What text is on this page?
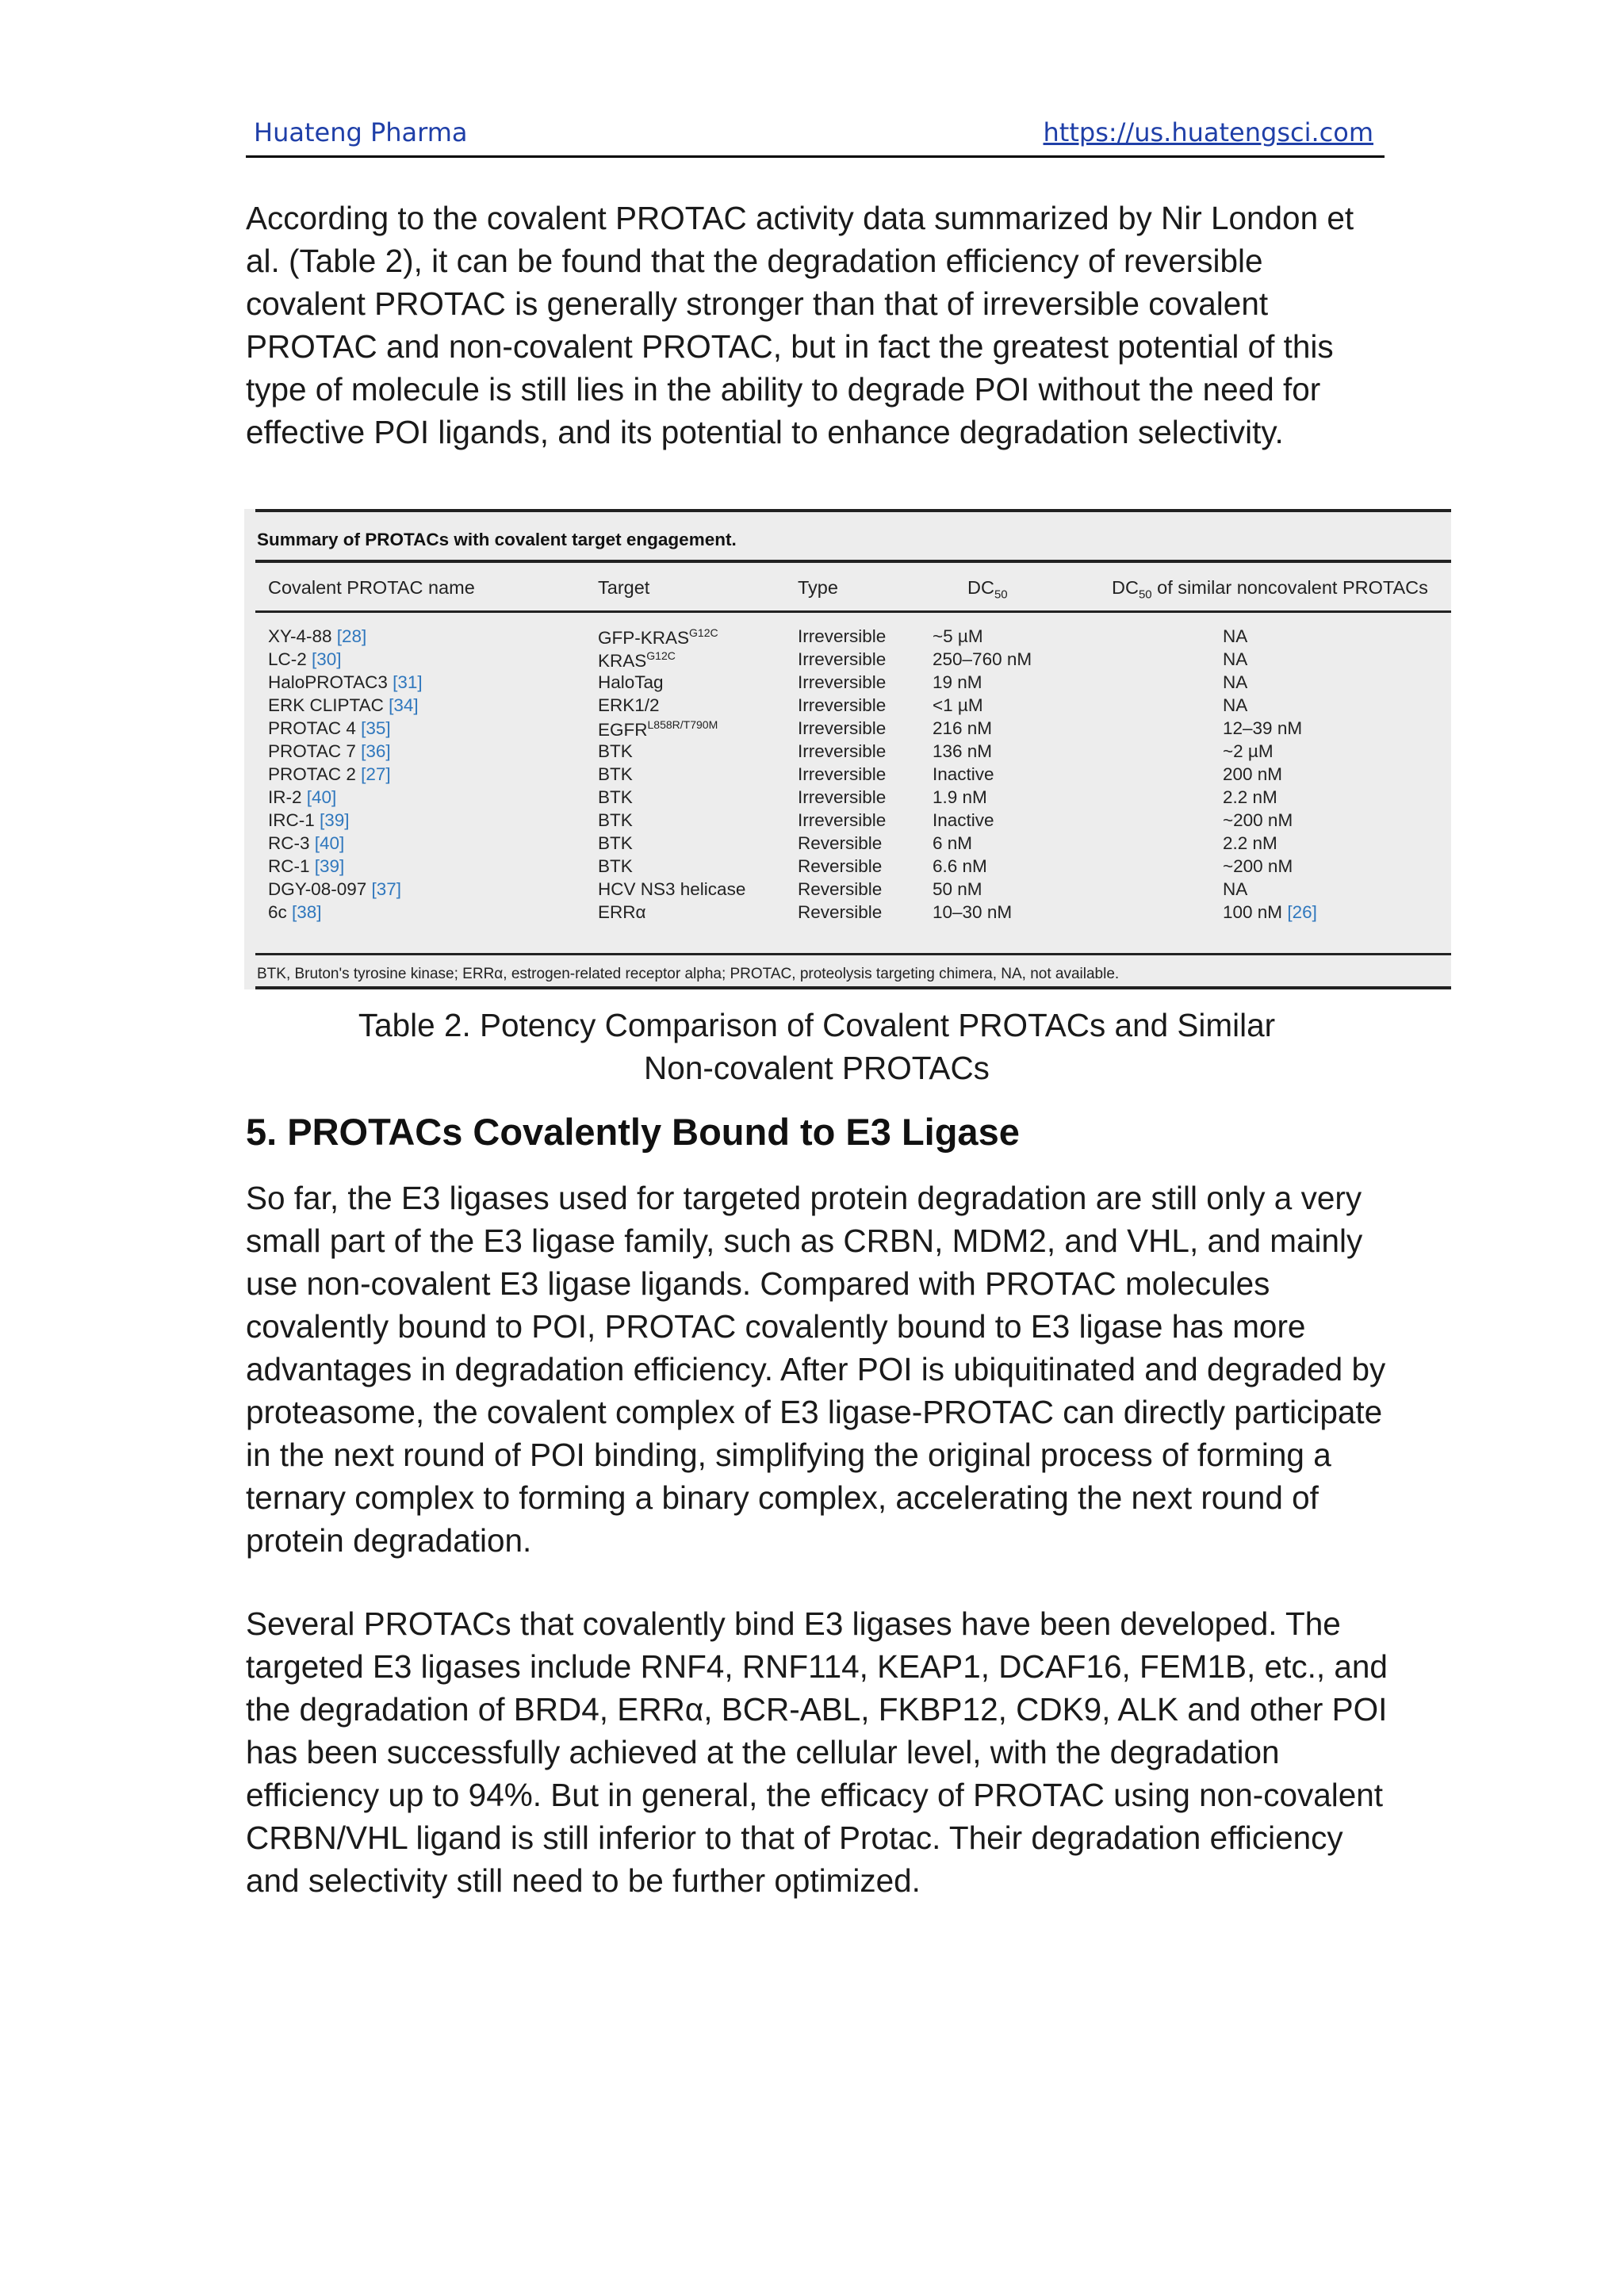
Huateng Pharma	https://us.huatengsci.com
According to the covalent PROTAC activity data summarized by Nir London et al. (Table 2), it can be found that the degradation efficiency of reversible covalent PROTAC is generally stronger than that of irreversible covalent PROTAC and non-covalent PROTAC, but in fact the greatest potential of this type of molecule is still lies in the ability to degrade POI without the need for effective POI ligands, and its potential to enhance degradation selectivity.
Summary of PROTACs with covalent target engagement.
Covalent PROTAC name	Target	Type	$DC_{50}$	$DC_{50}$ of similar noncovalent PROTACs
XY-4-88 [28]	GFP-$KRAS^{G12C}$	Irreversible	~5 µM	NA
LC-2 [30]	$KRAS^{G12C}$	Irreversible	250–760 nM	NA
HaloPROTAC3 [31]	HaloTag	Irreversible	19 nM	NA
ERK CLIPTAC [34]	ERK1/2	Irreversible	<1 µM	NA
PROTAC 4 [35]	$EGFR^{L858R/T790M}$	Irreversible	216 nM	12–39 nM
PROTAC 7 [36]	BTK	Irreversible	136 nM	~2 µM
PROTAC 2 [27]	BTK	Irreversible	Inactive	200 nM
IR-2 [40]	BTK	Irreversible	1.9 nM	2.2 nM
IRC-1 [39]	BTK	Irreversible	Inactive	~200 nM
RC-3 [40]	BTK	Reversible	6 nM	2.2 nM
RC-1 [39]	BTK	Reversible	6.6 nM	~200 nM
DGY-08-097 [37]	HCV NS3 helicase	Reversible	50 nM	NA
6c [38]	ERRα	Reversible	10–30 nM	100 nM [26]
BTK, Bruton's tyrosine kinase; ERRα, estrogen-related receptor alpha; PROTAC, proteolysis targeting chimera, NA, not available.
Table 2. Potency Comparison of Covalent PROTACs and Similar
Non-covalent PROTACs
5. PROTACs Covalently Bound to E3 Ligase
So far, the E3 ligases used for targeted protein degradation are still only a very small part of the E3 ligase family, such as CRBN, MDM2, and VHL, and mainly use non-covalent E3 ligase ligands. Compared with PROTAC molecules covalently bound to POI, PROTAC covalently bound to E3 ligase has more advantages in degradation efficiency. After POI is ubiquitinated and degraded by proteasome, the covalent complex of E3 ligase-PROTAC can directly participate in the next round of POI binding, simplifying the original process of forming a ternary complex to forming a binary complex, accelerating the next round of protein degradation.
Several PROTACs that covalently bind E3 ligases have been developed. The targeted E3 ligases include RNF4, RNF114, KEAP1, DCAF16, FEM1B, etc., and the degradation of BRD4, ERRα, BCR-ABL, FKBP12, CDK9, ALK and other POI has been successfully achieved at the cellular level, with the degradation efficiency up to 94%. But in general, the efficacy of PROTAC using non-covalent CRBN/VHL ligand is still inferior to that of Protac. Their degradation efficiency and selectivity still need to be further optimized.
